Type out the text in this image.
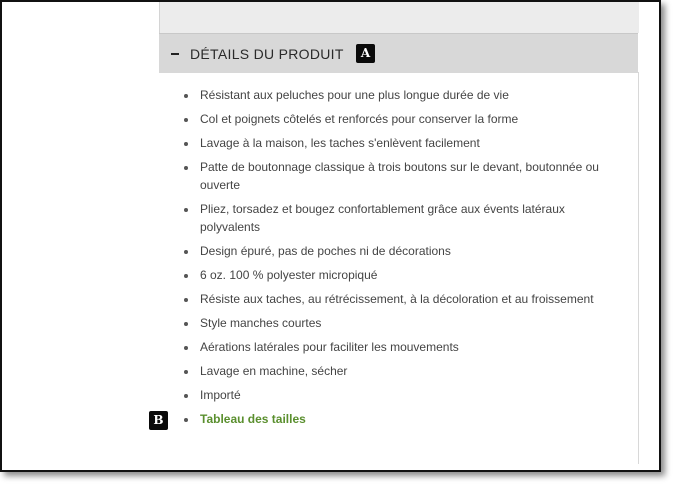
DÉTAILS DU PRODUIT	A
B
Résistant aux peluches pour une plus longue durée de vie
Col et poignets côtelés et renforcés pour conserver la forme
Lavage à la maison, les taches s'enlèvent facilement
Patte de boutonnage classique à trois boutons sur le devant, boutonnée ou ouverte
Pliez, torsadez et bougez confortablement grâce aux évents latéraux polyvalents
Design épuré, pas de poches ni de décorations
6 oz. 100 % polyester micropiqué
Résiste aux taches, au rétrécissement, à la décoloration et au froissement
Style manches courtes
Aérations latérales pour faciliter les mouvements
Lavage en machine, sécher
Importé
Tableau des tailles
